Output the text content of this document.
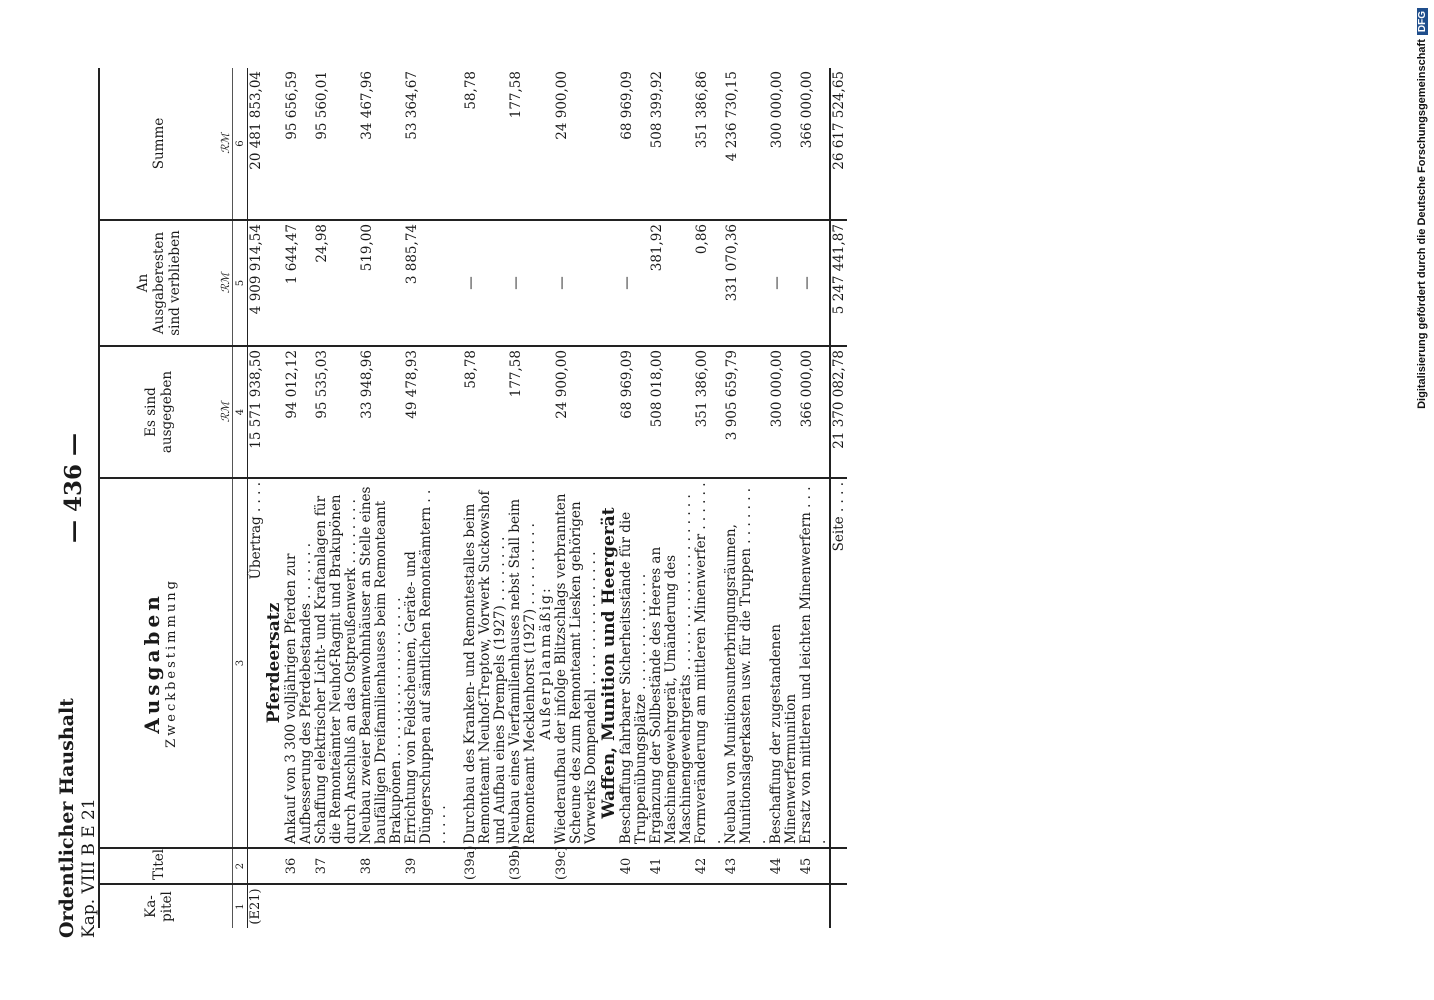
Ordentlicher Haushalt Kap. VIII B E 21
— 436 —
Ka-pitel	Titel	Ausgaben Zweckbestimmung	Es sind ausgegeben	An Ausgaberesten sind verblieben	Summe
			ℛℳ	ℛℳ	ℛℳ
1	2	3	4	5	6
(E21)		Übertrag . . . .	15 571 938,50	4 909 914,54	20 481 853,04
		Pferdeersatz			
	36	Ankauf von 3 300 volljährigen Pferden zur Aufbesserung des Pferdebestandes . . . . . . .	94 012,12	1 644,47	95 656,59
	37	Schaffung elektrischer Licht- und Kraftanlagen für die Remonteämter Neuhof-Ragnit und Brakupönen durch Anschluß an das Ostpreußenwerk . . . . . . . .	95 535,03	24,98	95 560,01
	38	Neubau zweier Beamtenwohnhäuser an Stelle eines baufälligen Dreifamilienhauses beim Remonteamt Brakupönen . . . . . . . . . . . . . . . . . . .	33 948,96	519,00	34 467,96
	39	Errichtung von Feldscheunen, Geräte- und Düngerschuppen auf sämtlichen Remonteämtern . . . . . . .	49 478,93	3 885,74	53 364,67

	(39a)	Durchbau des Kranken- und Remontestalles beim Remonteamt Neuhof-Treptow, Vorwerk Suckowshof und Aufbau eines Drempels (1927) . . . . . . . .	58,78	—	58,78
	(39b)	Neubau eines Vierfamilienhauses nebst Stall beim Remonteamt Mecklenhorst (1927) . . . . . . . . . .	177,58	—	177,58
		Außerplanmäßig:			
	(39c)	Wiederaufbau der infolge Blitzschlags verbrannten Scheune des zum Remonteamt Liesken gehörigen Vorwerks Dompendehl . . . . . . . . . . . . . . . .	24 900,00	—	24 900,00
		Waffen, Munition und Heergerät			
	40	Beschaffung fahrbarer Sicherheitsstände für die Truppenübungsplätze . . . . . . . . . . . . . .	68 969,09	—	68 969,09
	41	Ergänzung der Sollbestände des Heeres an Maschinengewehrgerät, Umänderung des Maschinengewehrgeräts . . . . . . . . . . . . . . . . . . . . .	508 018,00	381,92	508 399,92
	42	Formveränderung am mittleren Minenwerfer . . . . . . .	351 386,00	0,86	351 386,86
	43	Neubau von Munitionsunterbringungsräumen, Munitionslagerkasten usw. für die Truppen . . . . . . . .	3 905 659,79	331 070,36	4 236 730,15
	44	Beschaffung der zugestandenen Minenwerfermunition	300 000,00	—	300 000,00
	45	Ersatz von mittleren und leichten Minenwerfern . . . .	366 000,00	—	366 000,00
		Seite . . . .	21 370 082,78	5 247 441,87	26 617 524,65	Digitalisierung gefördert durch die Deutsche Forschungsgemeinschaft
DFG
